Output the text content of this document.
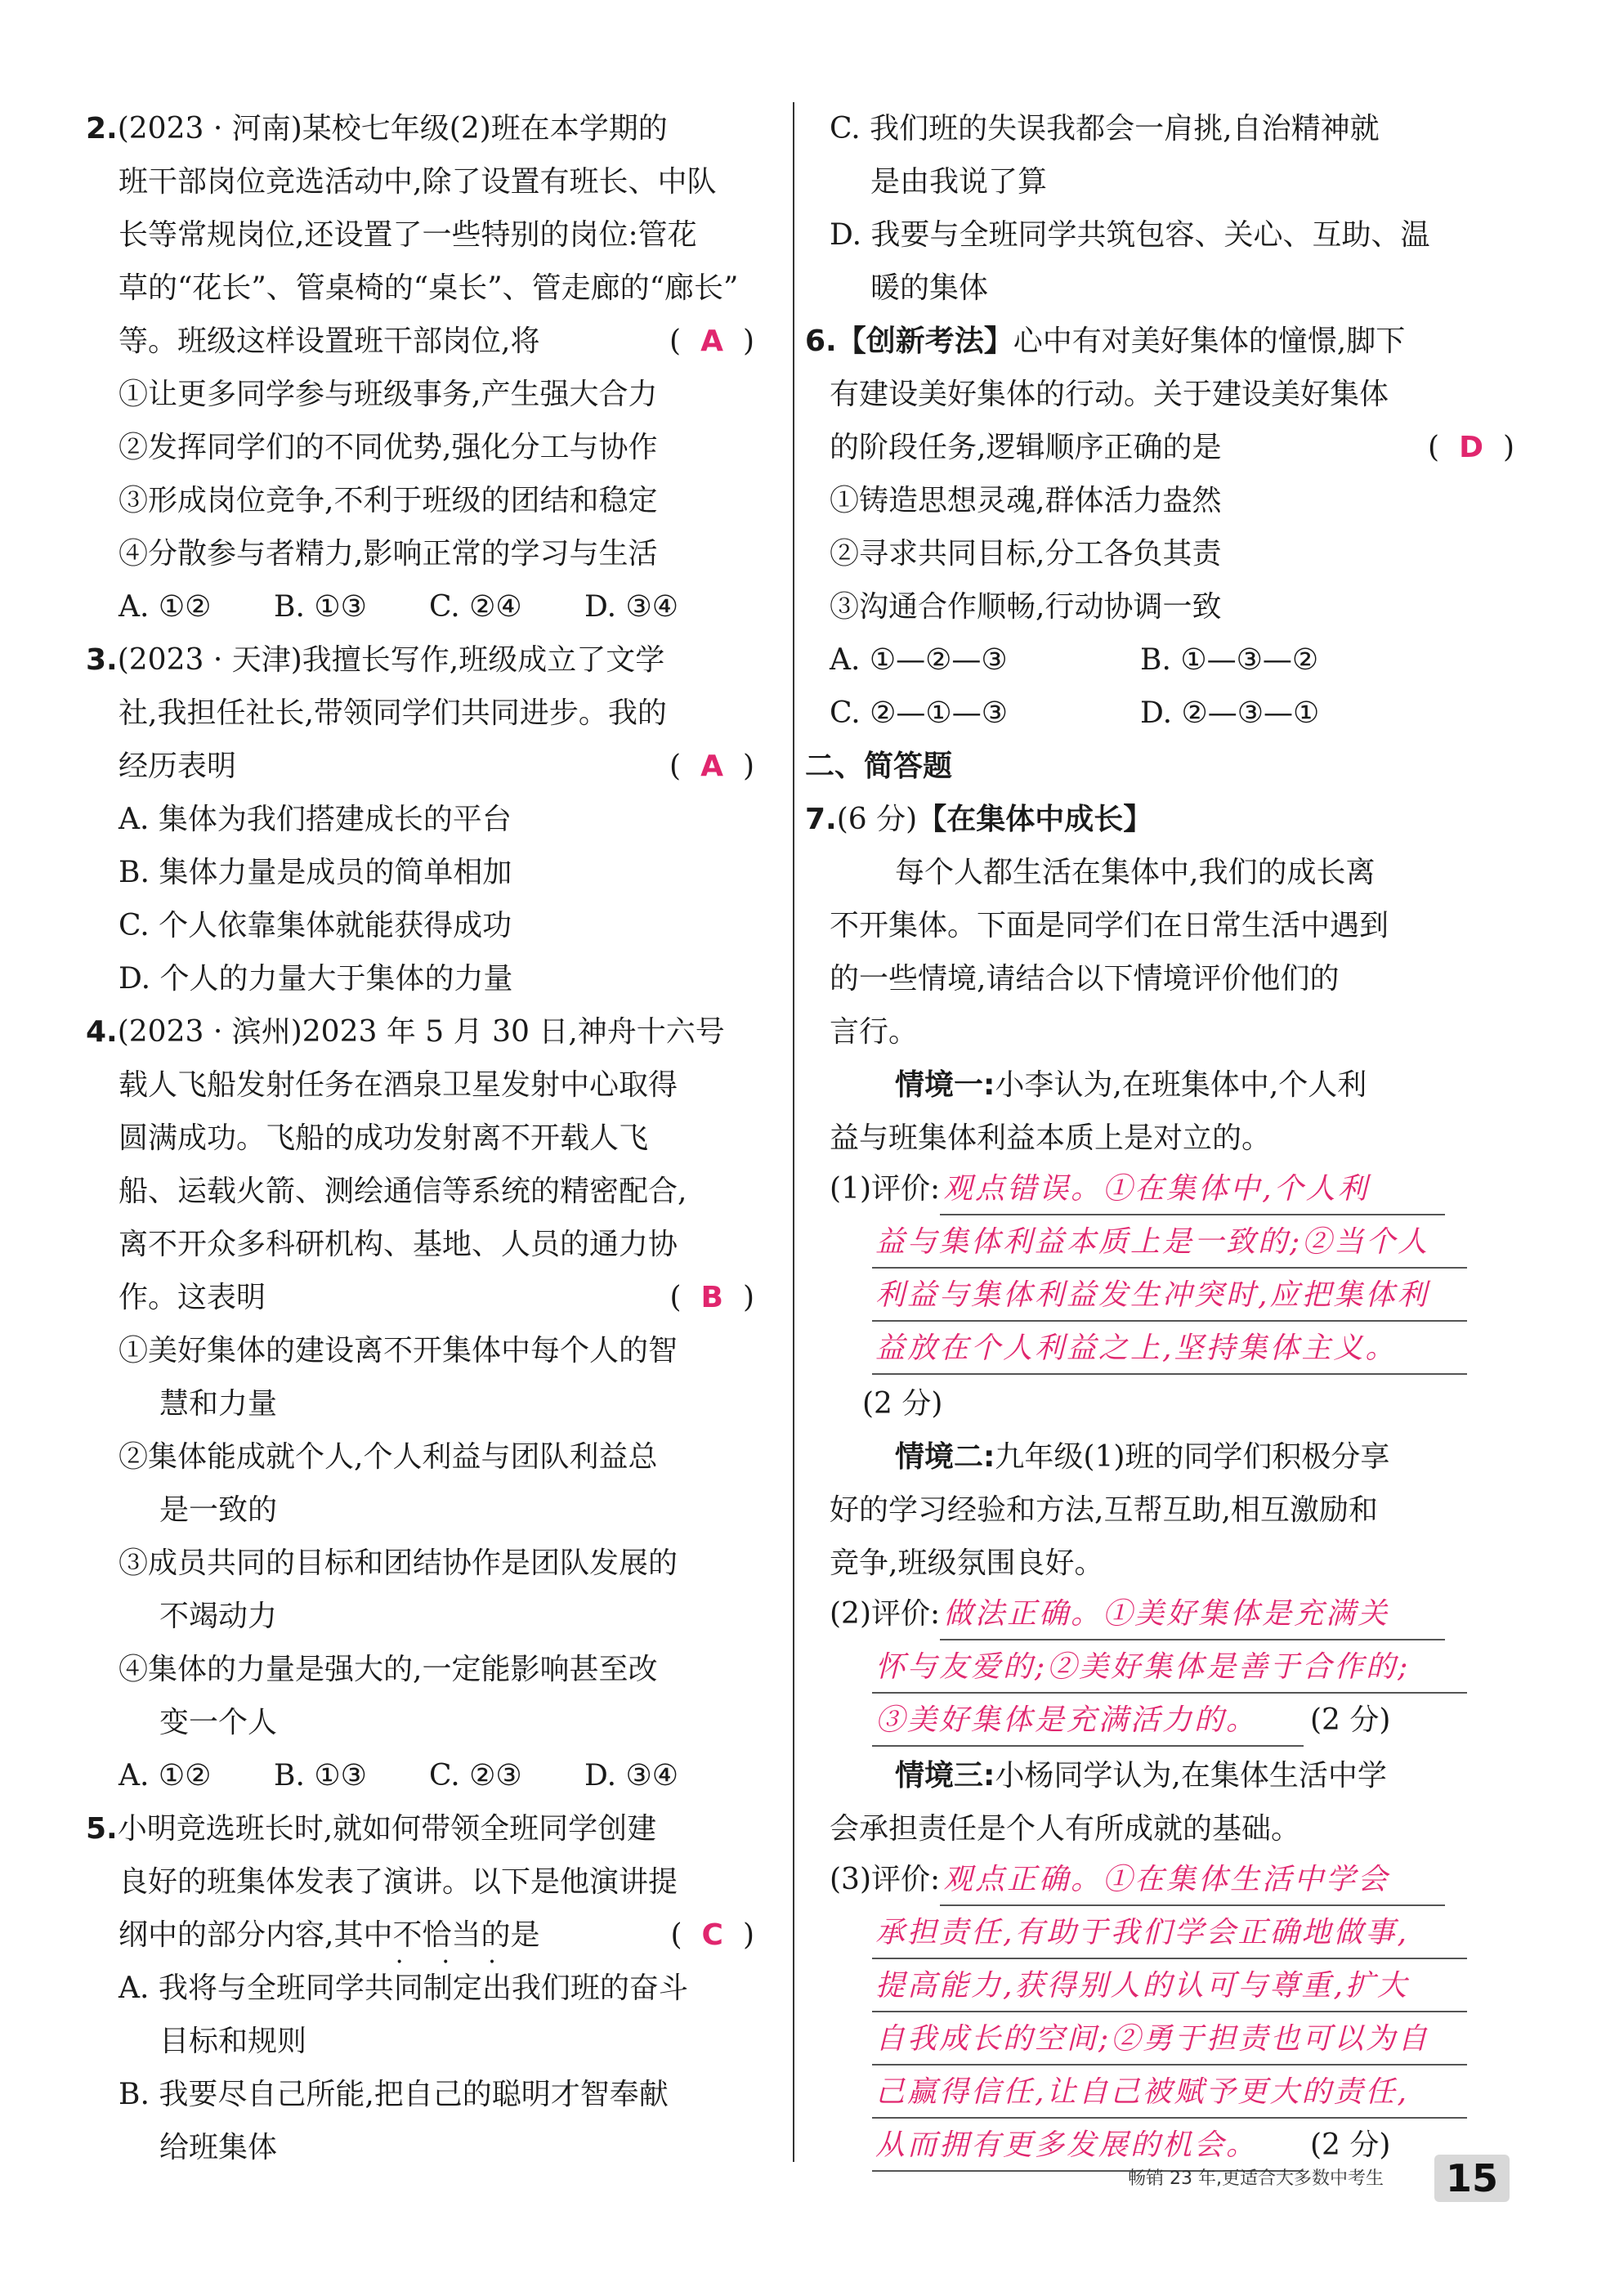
2.(2023 · 河南)某校七年级(2)班在本学期的
班干部岗位竞选活动中,除了设置有班长、中队
长等常规岗位,还设置了一些特别的岗位:管花
草的“花长”、管桌椅的“桌长”、管走廊的“廊长”
等。班级这样设置班干部岗位,将	( A )
①让更多同学参与班级事务,产生强大合力
②发挥同学们的不同优势,强化分工与协作
③形成岗位竞争,不利于班级的团结和稳定
④分散参与者精力,影响正常的学习与生活
A. ①② B. ①③ C. ②④ D. ③④
3.(2023 · 天津)我擅长写作,班级成立了文学
社,我担任社长,带领同学们共同进步。我的
经历表明	( A )
A. 集体为我们搭建成长的平台
B. 集体力量是成员的简单相加
C. 个人依靠集体就能获得成功
D. 个人的力量大于集体的力量
4.(2023 · 滨州)2023 年 5 月 30 日,神舟十六号
载人飞船发射任务在酒泉卫星发射中心取得
圆满成功。飞船的成功发射离不开载人飞
船、运载火箭、测绘通信等系统的精密配合,
离不开众多科研机构、基地、人员的通力协
作。这表明	( B )
①美好集体的建设离不开集体中每个人的智
慧和力量
②集体能成就个人,个人利益与团队利益总
是一致的
③成员共同的目标和团结协作是团队发展的
不竭动力
④集体的力量是强大的,一定能影响甚至改
变一个人
A. ①② B. ①③ C. ②③ D. ③④
5.小明竞选班长时,就如何带领全班同学创建
良好的班集体发表了演讲。以下是他演讲提
纲中的部分内容,其中不恰当 • • •的是	( C )
A. 我将与全班同学共同制定出我们班的奋斗
目标和规则
B. 我要尽自己所能,把自己的聪明才智奉献
给班集体
C. 我们班的失误我都会一肩挑,自治精神就
是由我说了算
D. 我要与全班同学共筑包容、关心、互助、温
暖的集体
6.【创新考法】心中有对美好集体的憧憬,脚下
有建设美好集体的行动。关于建设美好集体
的阶段任务,逻辑顺序正确的是	( D )
①铸造思想灵魂,群体活力盎然
②寻求共同目标,分工各负其责
③沟通合作顺畅,行动协调一致
A. ①—②—③	B. ①—③—②
C. ②—①—③	D. ②—③—①
二、简答题
7.(6 分)【在集体中成长】
每个人都生活在集体中,我们的成长离
不开集体。下面是同学们在日常生活中遇到
的一些情境,请结合以下情境评价他们的
言行。
情境一:小李认为,在班集体中,个人利
益与班集体利益本质上是对立的。
(1)评价: 观点错误。①在集体中,个人利
益与集体利益本质上是一致的;②当个人
利益与集体利益发生冲突时,应把集体利
益放在个人利益之上,坚持集体主义。
(2 分)
情境二:九年级(1)班的同学们积极分享
好的学习经验和方法,互帮互助,相互激励和
竞争,班级氛围良好。
(2)评价: 做法正确。①美好集体是充满关
怀与友爱的;②美好集体是善于合作的;
③美好集体是充满活力的。 (2 分)
情境三:小杨同学认为,在集体生活中学
会承担责任是个人有所成就的基础。
(3)评价: 观点正确。①在集体生活中学会
承担责任,有助于我们学会正确地做事,
提高能力,获得别人的认可与尊重,扩大
自我成长的空间;②勇于担责也可以为自
己赢得信任,让自己被赋予更大的责任,
从而拥有更多发展的机会。 (2 分)
畅销 23 年,更适合大多数中考生	15
